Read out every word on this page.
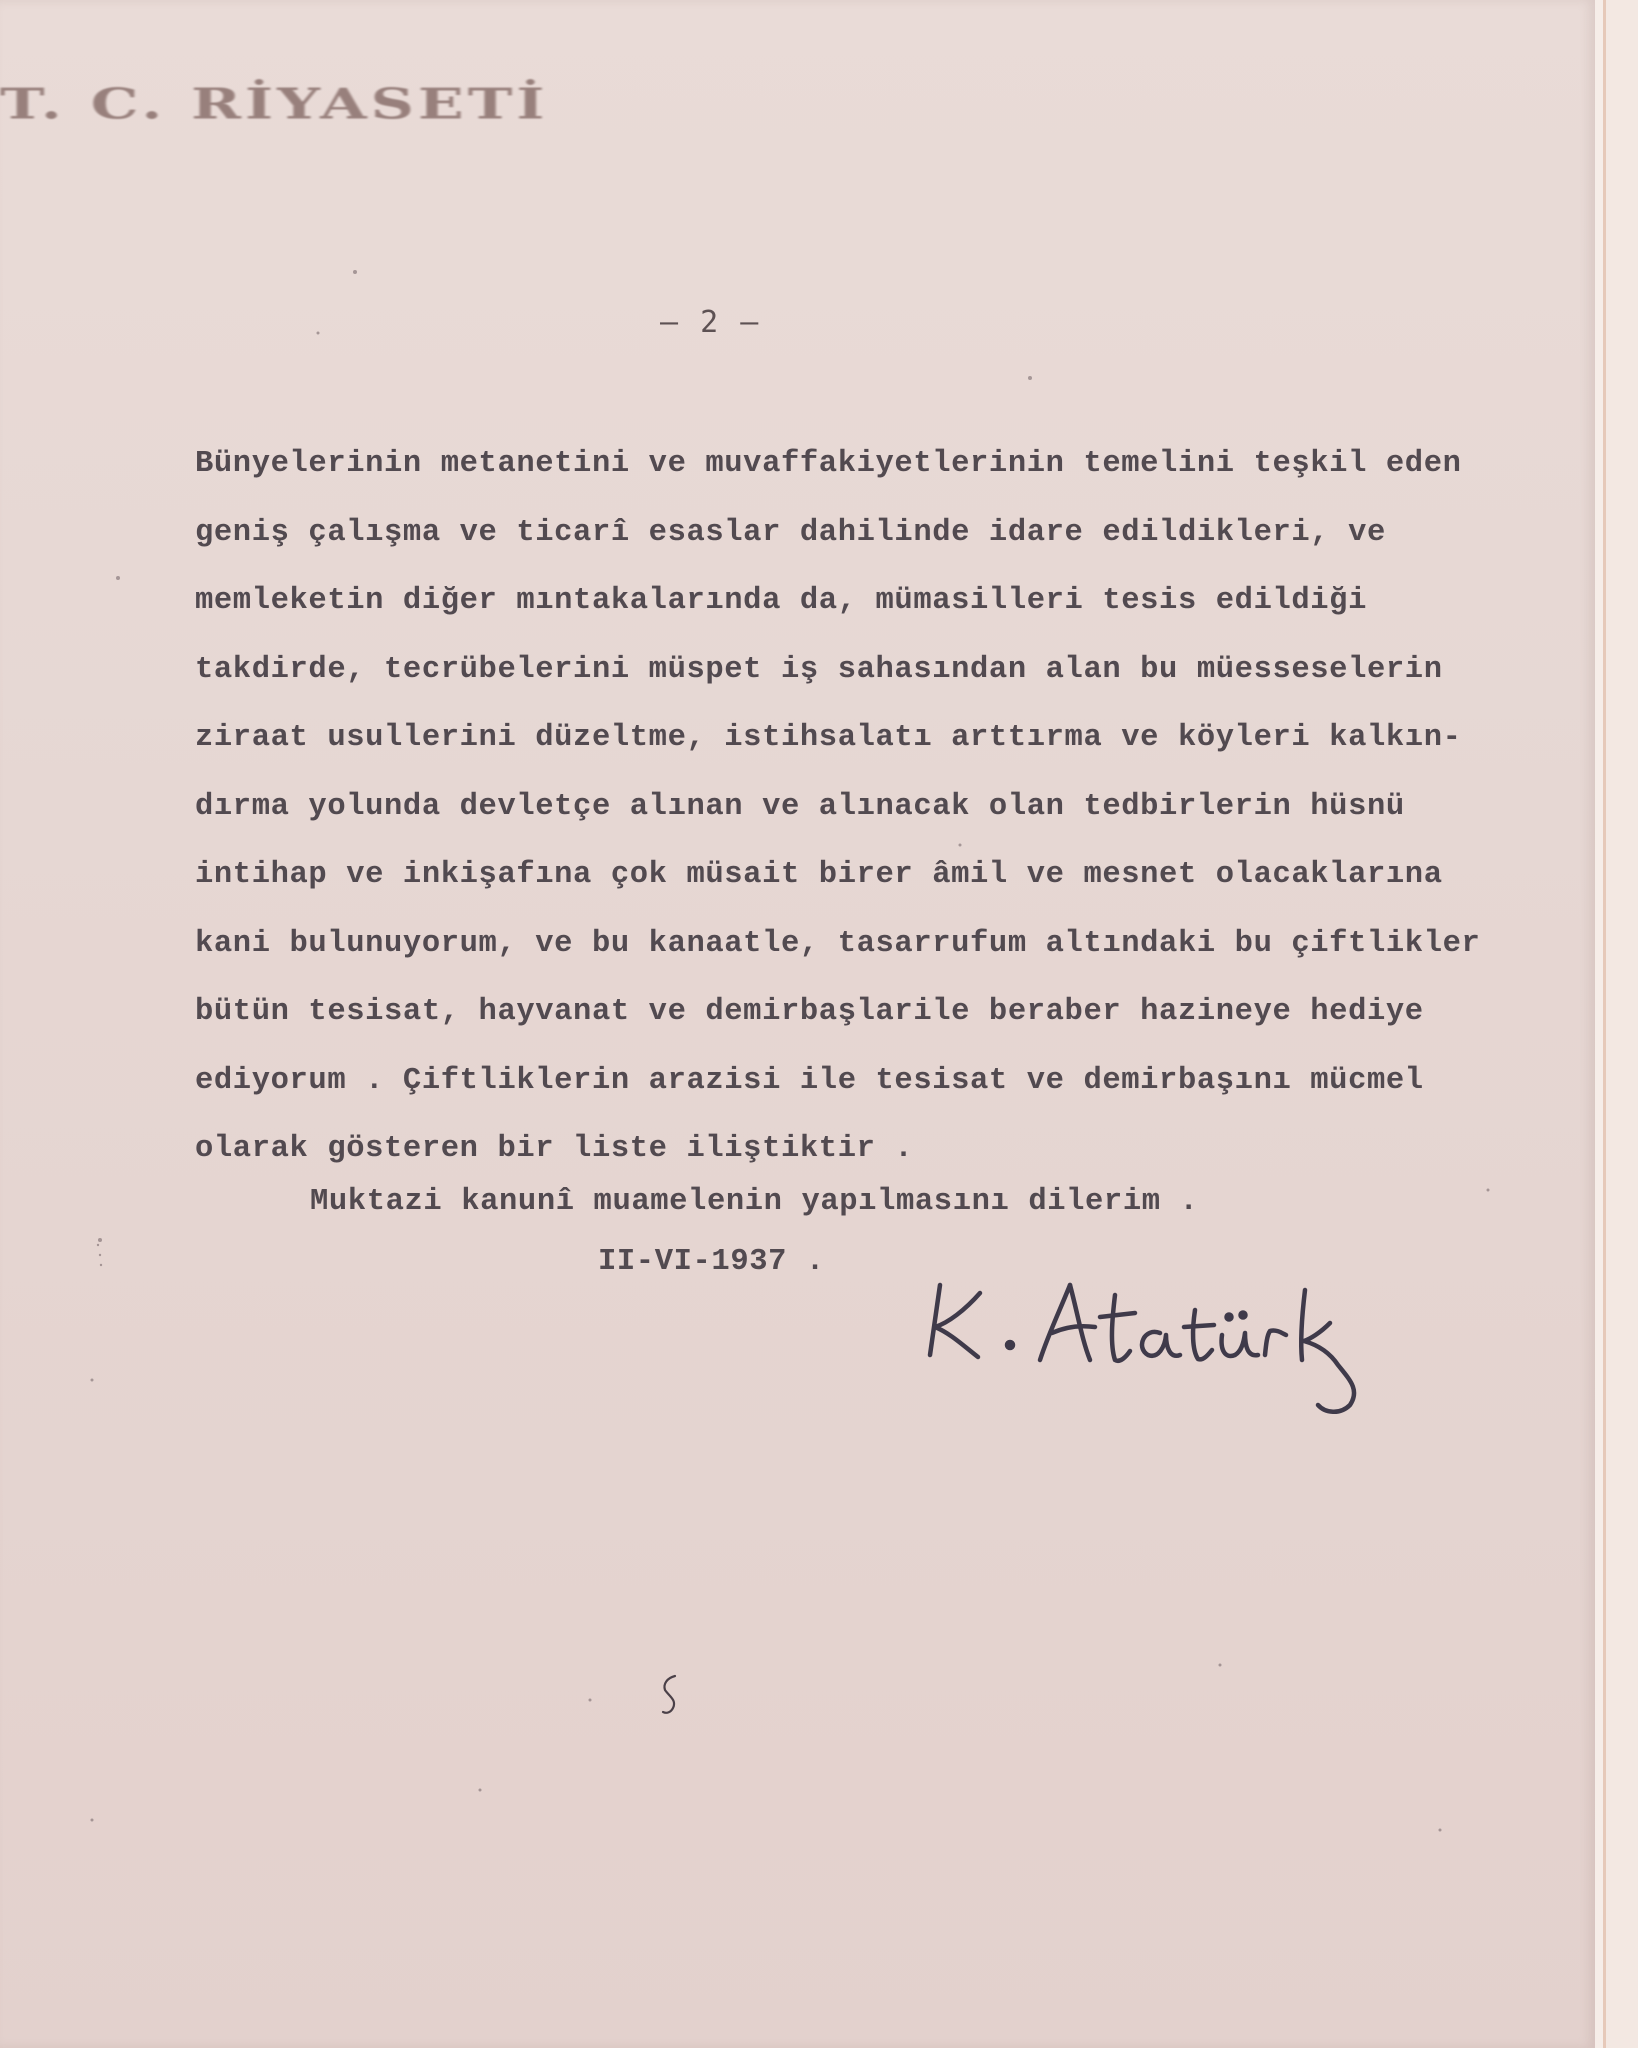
T. C. RİYASETİ
– 2 –
Bünyelerinin metanetini ve muvaffakiyetlerinin temelini teşkil eden
geniş çalışma ve ticarî esaslar dahilinde idare edildikleri, ve
memleketin diğer mıntakalarında da, mümasilleri tesis edildiği
takdirde, tecrübelerini müspet iş sahasından alan bu müesseselerin
ziraat usullerini düzeltme, istihsalatı arttırma ve köyleri kalkın-
dırma yolunda devletçe alınan ve alınacak olan tedbirlerin hüsnü
intihap ve inkişafına çok müsait birer âmil ve mesnet olacaklarına
kani bulunuyorum, ve bu kanaatle, tasarrufum altındaki bu çiftlikler
bütün tesisat, hayvanat ve demirbaşlarile beraber hazineye hediye
ediyorum . Çiftliklerin arazisi ile tesisat ve demirbaşını mücmel
olarak gösteren bir liste iliştiktir .
Muktazi kanunî muamelenin yapılmasını dilerim .
II-VI-1937 .
